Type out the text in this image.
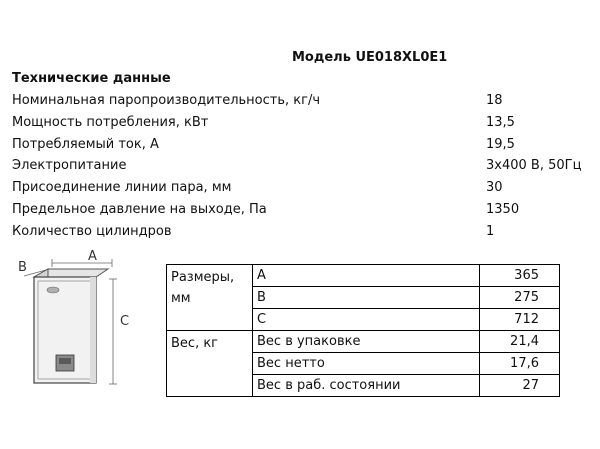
Модель UE018XL0E1
Технические данные
Номинальная паропроизводительность, кг/ч	18
Мощность потребления, кВт	13,5
Потребляемый ток, А	19,5
Электропитание	3х400 В, 50Гц
Присоединение линии пара, мм	30
Предельное давление на выходе, Па	1350
Количество цилиндров	1
A
B
C
Размеры,
мм	A	365
	B	275
	C	712
Вес, кг	Вес в упаковке	21,4
	Вес нетто	17,6
	Вес в раб. состоянии	27
